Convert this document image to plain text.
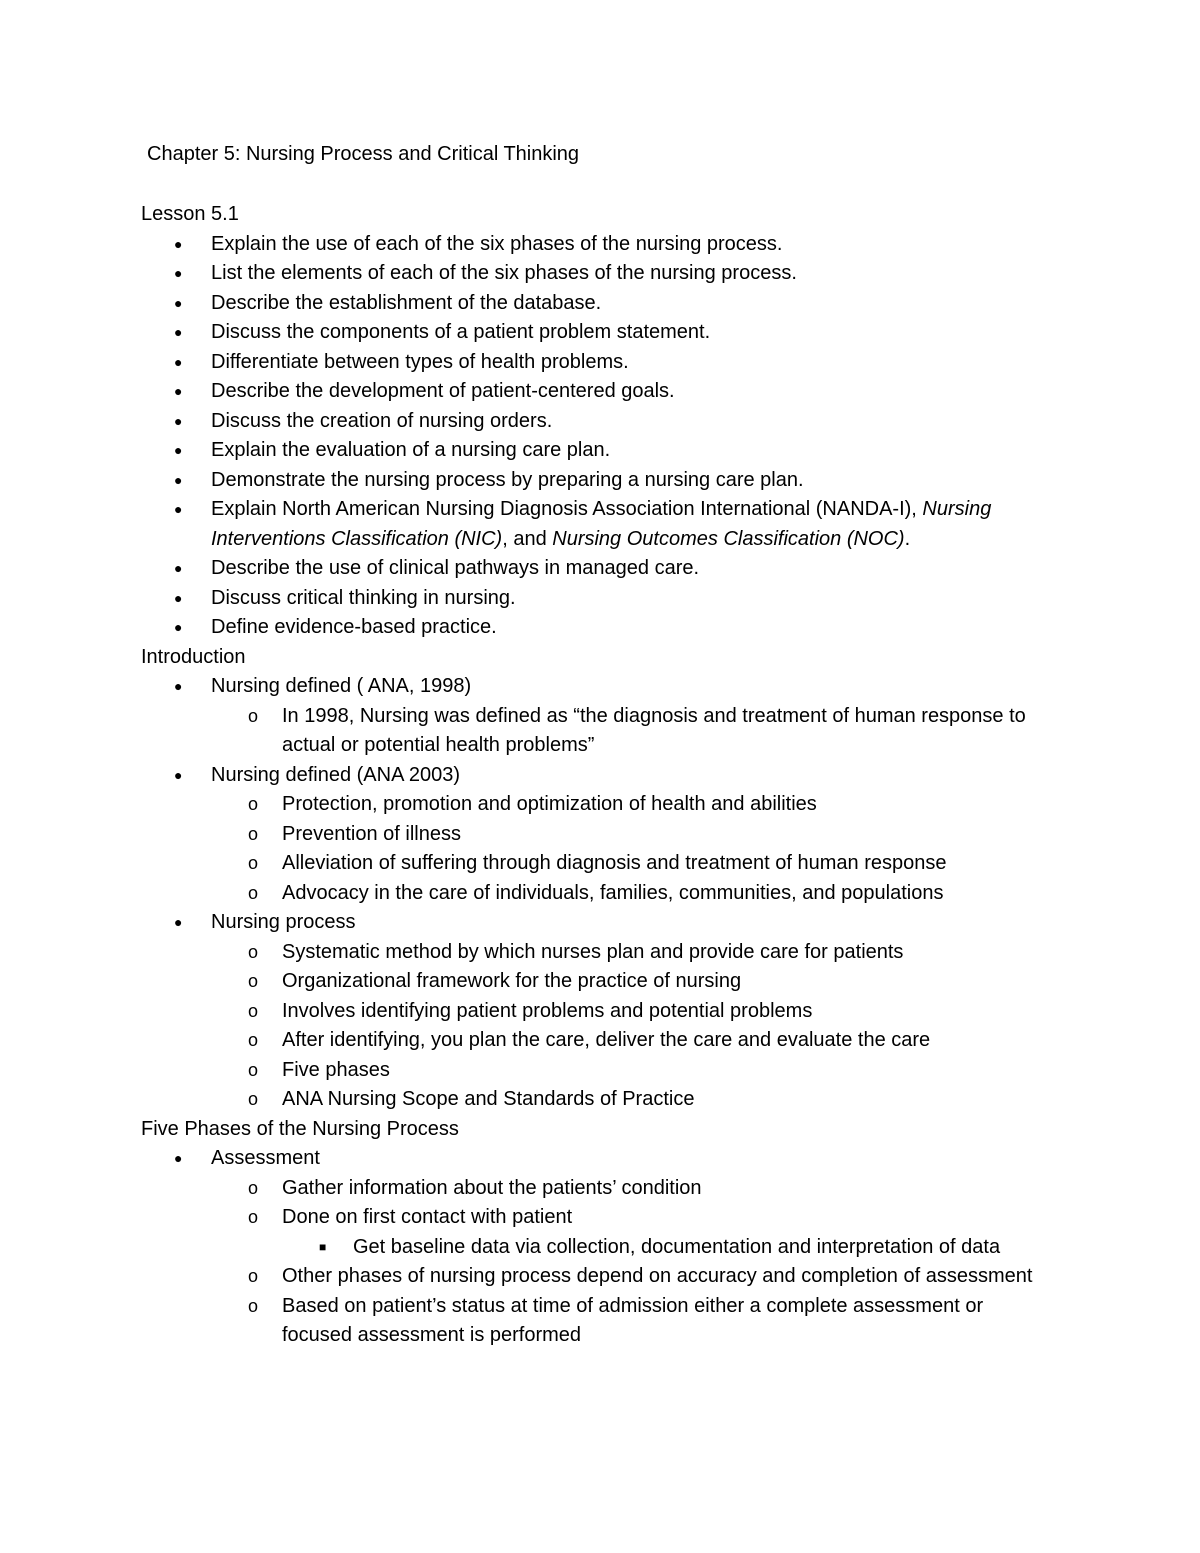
Chapter 5: Nursing Process and Critical Thinking
Lesson 5.1
● Explain the use of each of the six phases of the nursing process.
● List the elements of each of the six phases of the nursing process.
● Describe the establishment of the database.
● Discuss the components of a patient problem statement.
● Differentiate between types of health problems.
● Describe the development of patient-centered goals.
● Discuss the creation of nursing orders.
● Explain the evaluation of a nursing care plan.
● Demonstrate the nursing process by preparing a nursing care plan.
● Explain North American Nursing Diagnosis Association International (NANDA-I), Nursing Interventions Classification (NIC), and Nursing Outcomes Classification (NOC).
● Describe the use of clinical pathways in managed care.
● Discuss critical thinking in nursing.
● Define evidence-based practice.
Introduction
● Nursing defined ( ANA, 1998)
o In 1998, Nursing was defined as “the diagnosis and treatment of human response to actual or potential health problems”
● Nursing defined (ANA 2003)
o Protection, promotion and optimization of health and abilities
o Prevention of illness
o Alleviation of suffering through diagnosis and treatment of human response
o Advocacy in the care of individuals, families, communities, and populations
● Nursing process
o Systematic method by which nurses plan and provide care for patients
o Organizational framework for the practice of nursing
o Involves identifying patient problems and potential problems
o After identifying, you plan the care, deliver the care and evaluate the care
o Five phases
o ANA Nursing Scope and Standards of Practice
Five Phases of the Nursing Process
● Assessment
o Gather information about the patients’ condition
o Done on first contact with patient
■ Get baseline data via collection, documentation and interpretation of data
o Other phases of nursing process depend on accuracy and completion of assessment
o Based on patient’s status at time of admission either a complete assessment or focused assessment is performed
